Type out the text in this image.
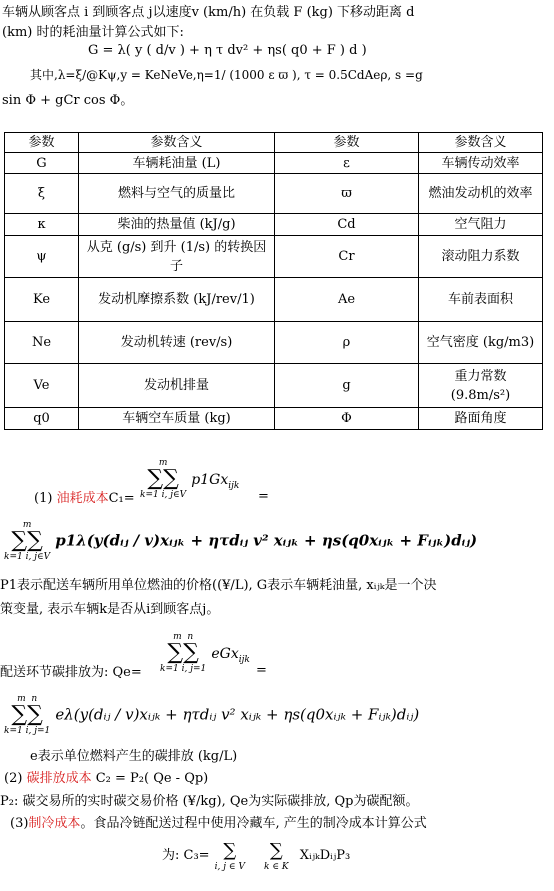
车辆从顾客点 i 到顾客点 j以速度v (km/h) 在负载 F (kg) 下移动距离 d
(km) 时的耗油量计算公式如下:
G = λ( y ( d/v ) + η τ dv² + ηs( q0 + F ) d )
其中,λ=ξ/@Kψ,y = KeNeVe,η=1/ (1000 ε ϖ ), τ = 0.5CdAeρ, s =g
sin Φ + gCr cos Φ。
参数	参数含义	参数	参数含义
G	车辆耗油量 (L)	ε	车辆传动效率
ξ	燃料与空气的质量比	ϖ	燃油发动机的效率
κ	柴油的热量值 (kJ/g)	Cd	空气阻力
ψ	从克 (g/s) 到升 (1/s) 的转换因子	Cr	滚动阻力系数
Ke	发动机摩擦系数 (kJ/rev/1)	Ae	车前表面积
Ne	发动机转速 (rev/s)	ρ	空气密度 (kg/m3)
Ve	发动机排量	g	重力常数 (9.8m/s²)
q0	车辆空车质量 (kg)	Φ	路面角度
m
∑∑
k=1 i, j∈V
$p1Gx_{ijk}$
(1) 油耗成本C₁=	=
m
∑∑
k=1 i, j∈V
p1λ(y(dᵢⱼ / v)xᵢⱼₖ + ητdᵢⱼ v² xᵢⱼₖ + ηs(q0xᵢⱼₖ + Fᵢⱼₖ)dᵢⱼ)
P1表示配送车辆所用单位燃油的价格((¥/L), G表示车辆耗油量, xᵢⱼₖ是一个决
策变量, 表示车辆k是否从i到顾客点j。
m n
∑∑
k=1 i, j=1
eGx$_{ijk}$
配送环节碳排放为: Qe=	=
m n
∑∑
k=1 i, j=1
eλ(y(dᵢⱼ / v)xᵢⱼₖ + ητdᵢⱼ v² xᵢⱼₖ + ηs(q0xᵢⱼₖ + Fᵢⱼₖ)dᵢⱼ)
e表示单位燃料产生的碳排放 (kg/L)
(2) 碳排放成本 C₂ = P₂( Qe - Qp)
P₂: 碳交易所的实时碳交易价格 (¥/kg), Qe为实际碳排放, Qp为碳配额。
(3)制冷成本。食品冷链配送过程中使用冷藏车, 产生的制冷成本计算公式
为: C₃= ∑
i, j ∈ V

∑
k ∈ K
XᵢⱼₖDᵢⱼP₃
